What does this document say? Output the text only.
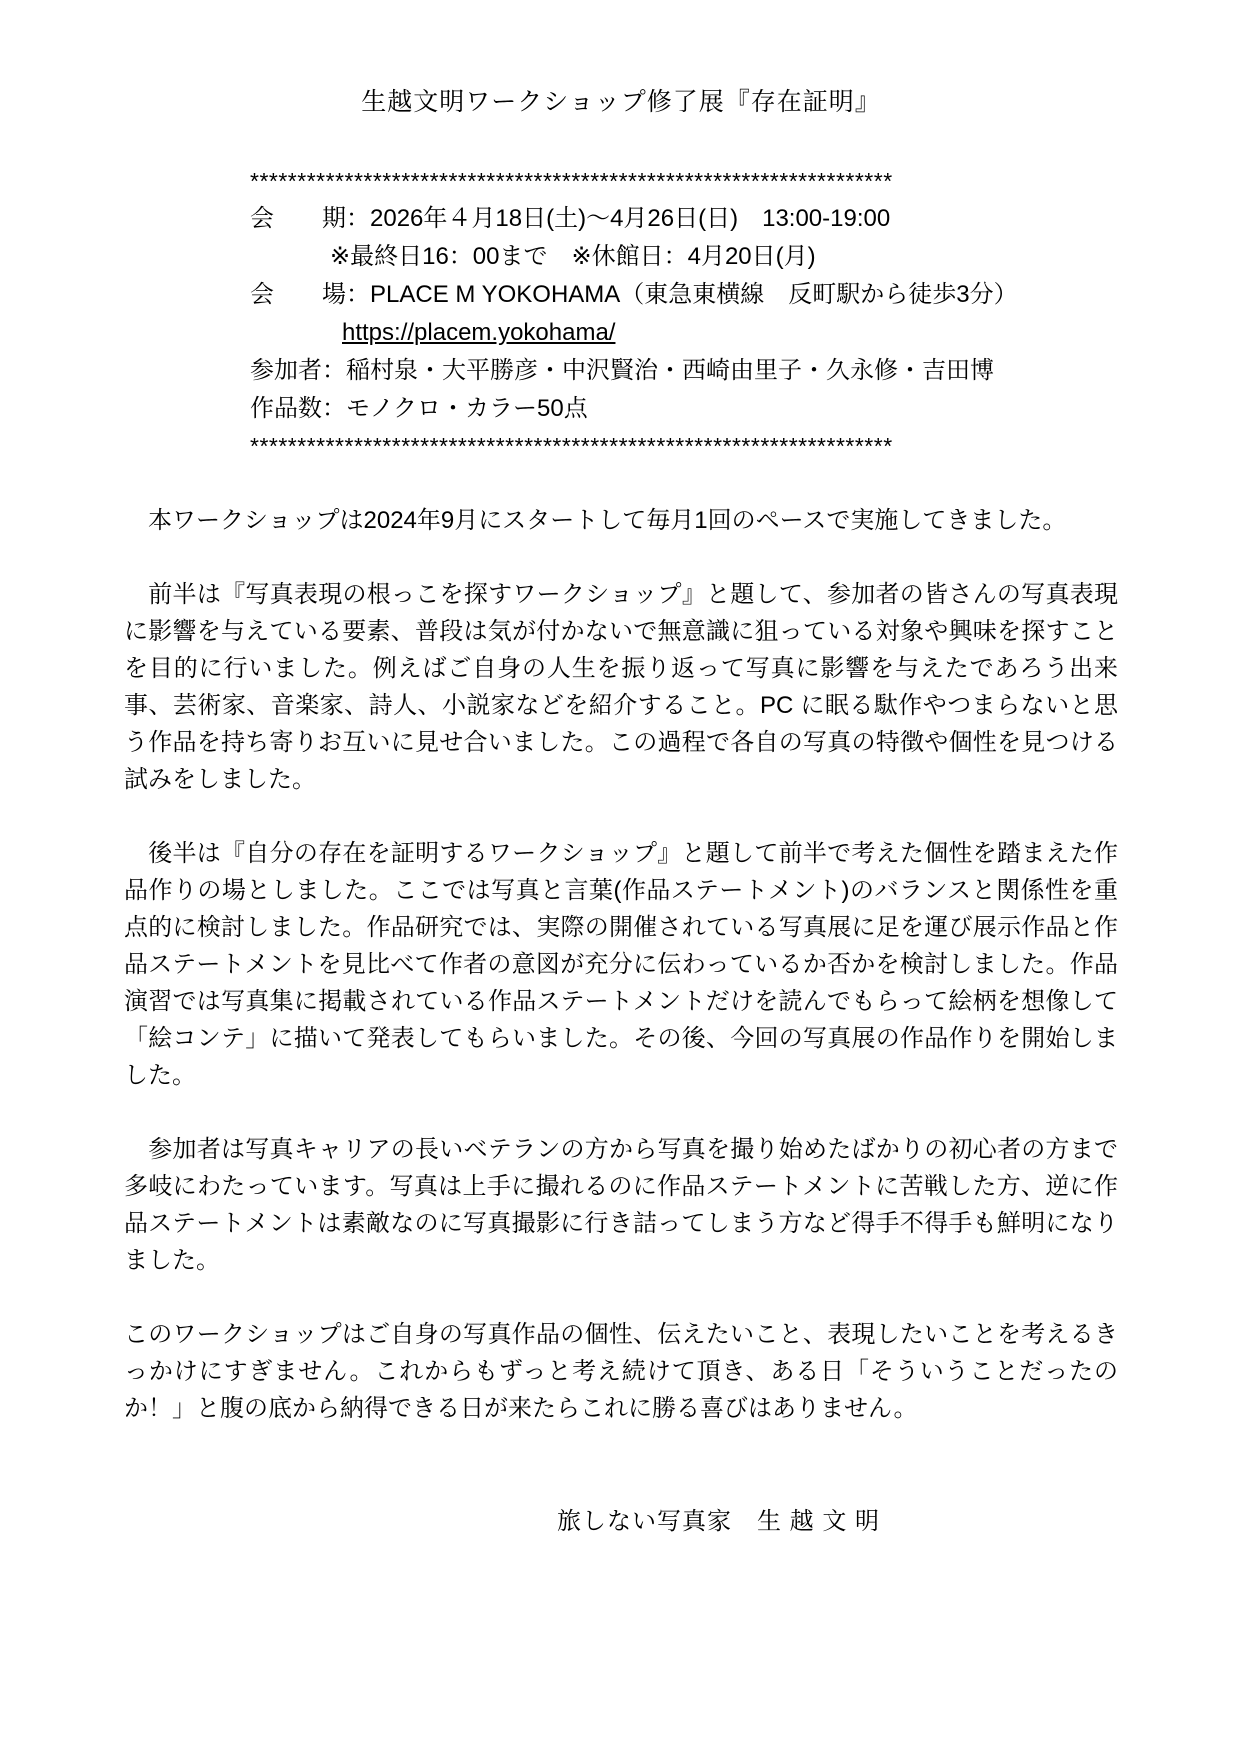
生越文明ワークショップ修了展『存在証明』
********************************************************************
会　　期：2026年４月18日(土)～4月26日(日)　13:00-19:00
※最終日16：00まで　※休館日：4月20日(月)
会　　場：PLACE M YOKOHAMA（東急東横線　反町駅から徒歩3分）
https://placem.yokohama/
参加者：稲村泉・大平勝彦・中沢賢治・西崎由里子・久永修・吉田博
作品数：モノクロ・カラー50点
********************************************************************

　本ワークショップは2024年9月にスタートして毎月1回のペースで実施してきました。

　前半は『写真表現の根っこを探すワークショップ』と題して、参加者の皆さんの写真表現に影響を与えている要素、普段は気が付かないで無意識に狙っている対象や興味を探すことを目的に行いました。例えばご自身の人生を振り返って写真に影響を与えたであろう出来事、芸術家、音楽家、詩人、小説家などを紹介すること。PC に眠る駄作やつまらないと思う作品を持ち寄りお互いに見せ合いました。この過程で各自の写真の特徴や個性を見つける試みをしました。

　後半は『自分の存在を証明するワークショップ』と題して前半で考えた個性を踏まえた作品作りの場としました。ここでは写真と言葉(作品ステートメント)のバランスと関係性を重点的に検討しました。作品研究では、実際の開催されている写真展に足を運び展示作品と作品ステートメントを見比べて作者の意図が充分に伝わっているか否かを検討しました。作品演習では写真集に掲載されている作品ステートメントだけを読んでもらって絵柄を想像して「絵コンテ」に描いて発表してもらいました。その後、今回の写真展の作品作りを開始しました。

　参加者は写真キャリアの長いベテランの方から写真を撮り始めたばかりの初心者の方まで多岐にわたっています。写真は上手に撮れるのに作品ステートメントに苦戦した方、逆に作品ステートメントは素敵なのに写真撮影に行き詰ってしまう方など得手不得手も鮮明になりました。

このワークショップはご自身の写真作品の個性、伝えたいこと、表現したいことを考えるきっかけにすぎません。これからもずっと考え続けて頂き、ある日「そういうことだったのか！」と腹の底から納得できる日が来たらこれに勝る喜びはありません。

旅しない写真家　生 越 文 明
